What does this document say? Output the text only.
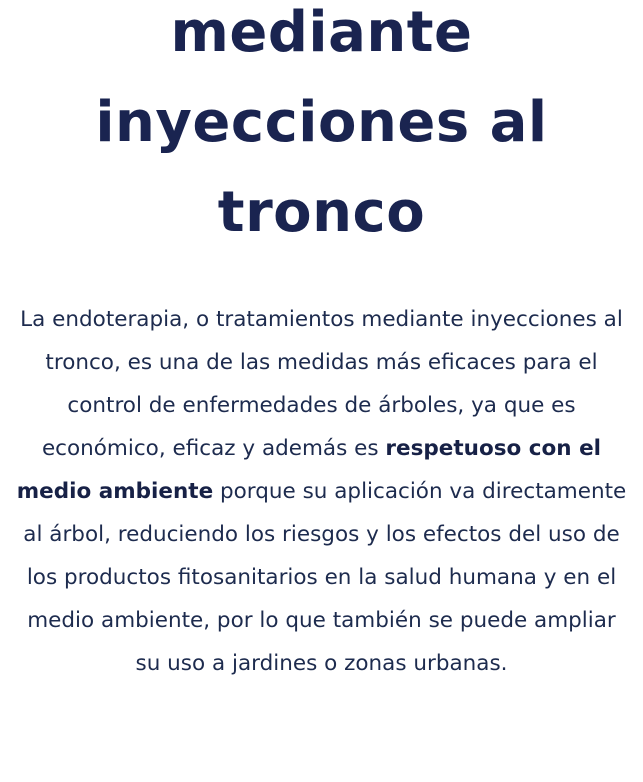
mediante
inyecciones al
tronco

La endoterapia, o tratamientos mediante inyecciones al tronco, es una de las medidas más eficaces para el control de enfermedades de árboles, ya que es económico, eficaz y además es respetuoso con el medio ambiente porque su aplicación va directamente al árbol, reduciendo los riesgos y los efectos del uso de los productos fitosanitarios en la salud humana y en el medio ambiente, por lo que también se puede ampliar su uso a jardines o zonas urbanas.
